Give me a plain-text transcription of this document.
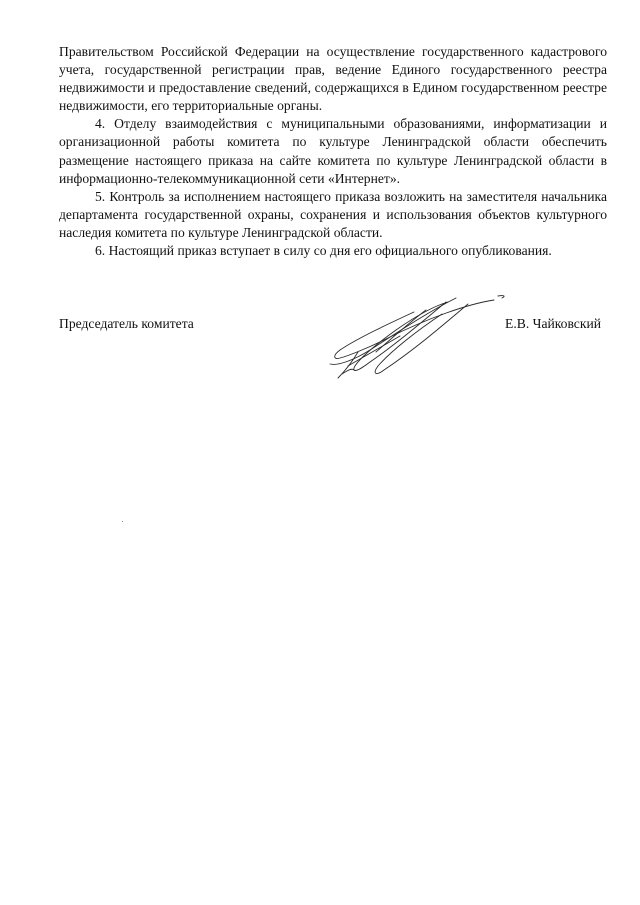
Правительством Российской Федерации на осуществление государственного кадастрового учета, государственной регистрации прав, ведение Единого государственного реестра недвижимости и предоставление сведений, содержащихся в Едином государственном реестре недвижимости, его территориальные органы.

4. Отделу взаимодействия с муниципальными образованиями, информатизации и организационной работы комитета по культуре Ленинградской области обеспечить размещение настоящего приказа на сайте комитета по культуре Ленинградской области в информационно-телекоммуникационной сети «Интернет».

5. Контроль за исполнением настоящего приказа возложить на заместителя начальника департамента государственной охраны, сохранения и использования объектов культурного наследия комитета по культуре Ленинградской области.

6. Настоящий приказ вступает в силу со дня его официального опубликования.

Председатель комитета	Е.В. Чайковский
